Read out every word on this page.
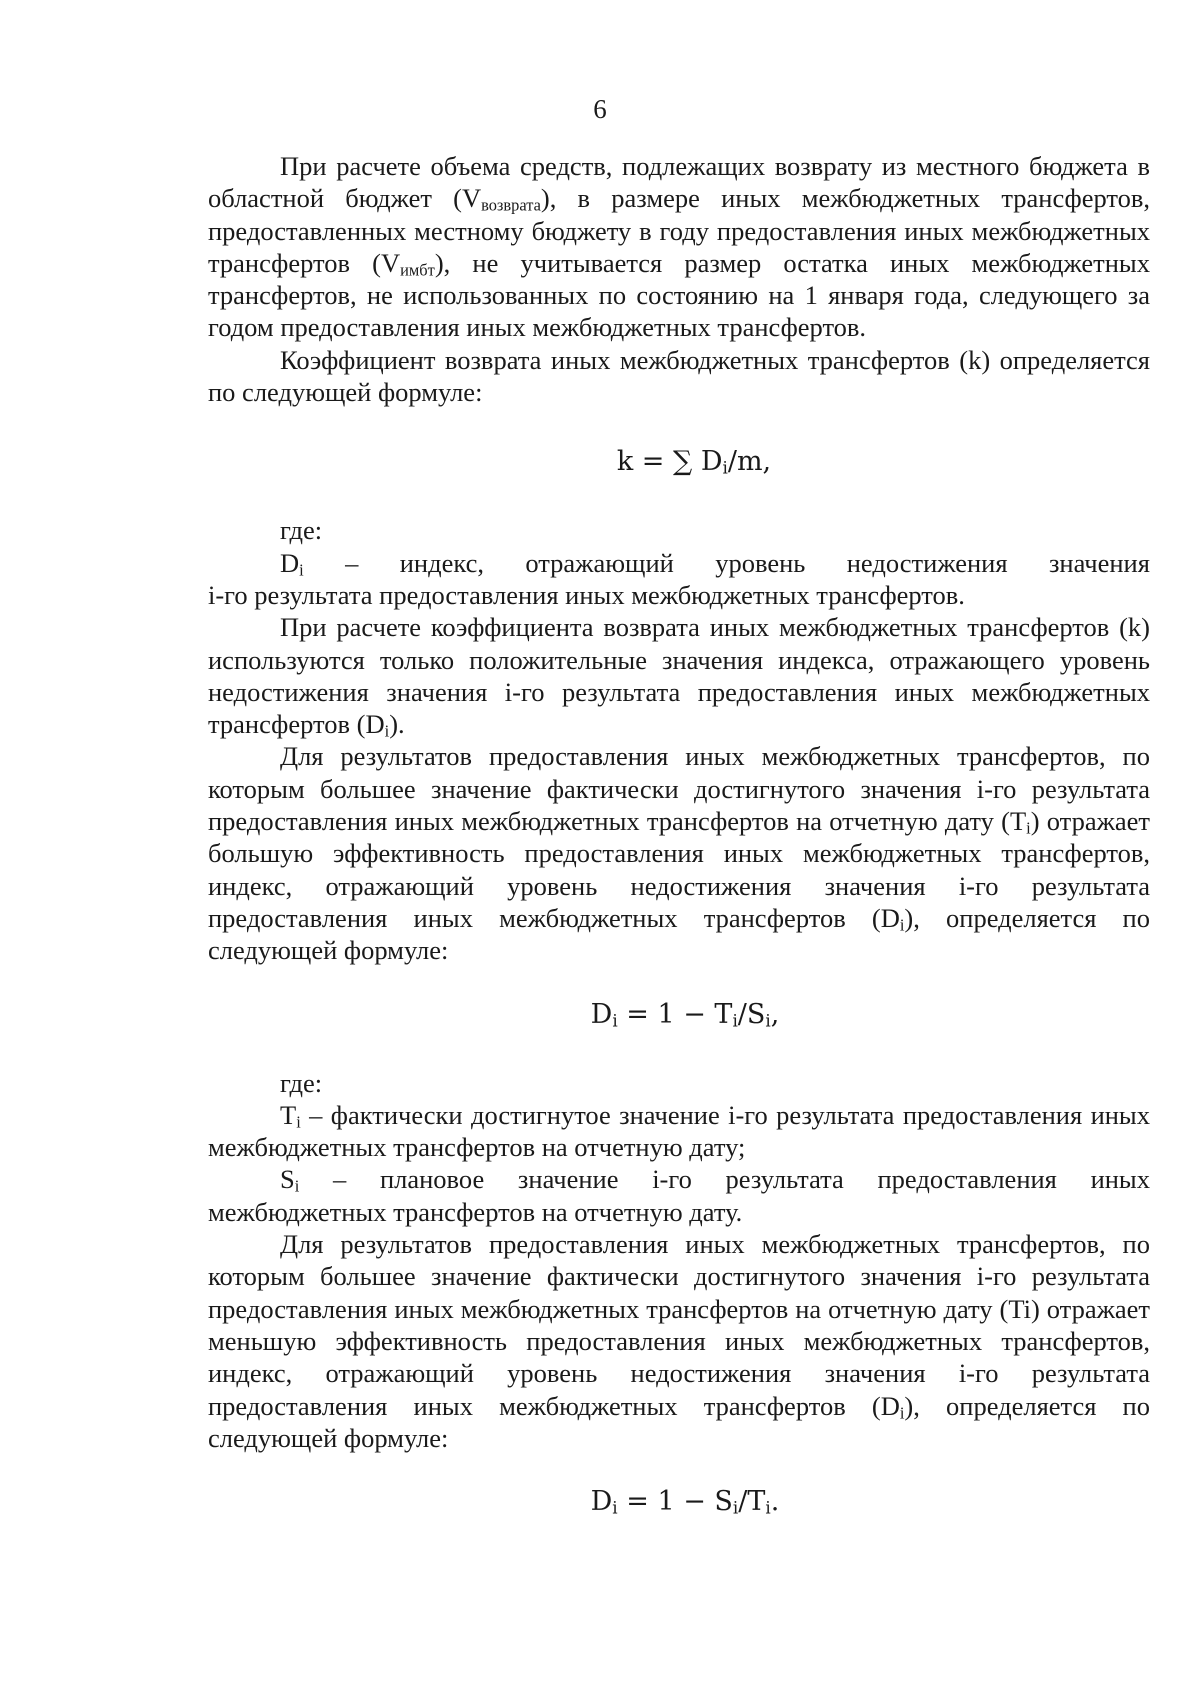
6

При расчете объема средств, подлежащих возврату из местного бюджета в областной бюджет $(V_{возврата})$, в размере иных межбюджетных трансфертов, предоставленных местному бюджету в году предоставления иных межбюджетных трансфертов $(V_{имбт})$, не учитывается размер остатка иных межбюджетных трансфертов, не использованных по состоянию на 1 января года, следующего за годом предоставления иных межбюджетных трансфертов.

Коэффициент возврата иных межбюджетных трансфертов (k) определяется по следующей формуле:

k = ∑ $D_i/m$,

где:

$D_i$ – индекс, отражающий уровень недостижения значения

i-го результата предоставления иных межбюджетных трансфертов.

При расчете коэффициента возврата иных межбюджетных трансфертов (k) используются только положительные значения индекса, отражающего уровень недостижения значения i-го результата предоставления иных межбюджетных трансфертов $(D_i)$.

Для результатов предоставления иных межбюджетных трансфертов, по которым большее значение фактически достигнутого значения i-го результата предоставления иных межбюджетных трансфертов на отчетную дату $(T_i)$ отражает большую эффективность предоставления иных межбюджетных трансфертов, индекс, отражающий уровень недостижения значения i-го результата предоставления иных межбюджетных трансфертов $(D_i)$, определяется по следующей формуле:

$D_i = 1 - T_i/S_i$,

где:

$T_i$ – фактически достигнутое значение i-го результата предоставления иных межбюджетных трансфертов на отчетную дату;

$S_i$ – плановое значение i-го результата предоставления иных

межбюджетных трансфертов на отчетную дату.

Для результатов предоставления иных межбюджетных трансфертов, по которым большее значение фактически достигнутого значения i-го результата предоставления иных межбюджетных трансфертов на отчетную дату (Ti) отражает меньшую эффективность предоставления иных межбюджетных трансфертов, индекс, отражающий уровень недостижения значения i-го результата предоставления иных межбюджетных трансфертов $(D_i)$, определяется по следующей формуле:

$D_i = 1 - S_i/T_i$.
